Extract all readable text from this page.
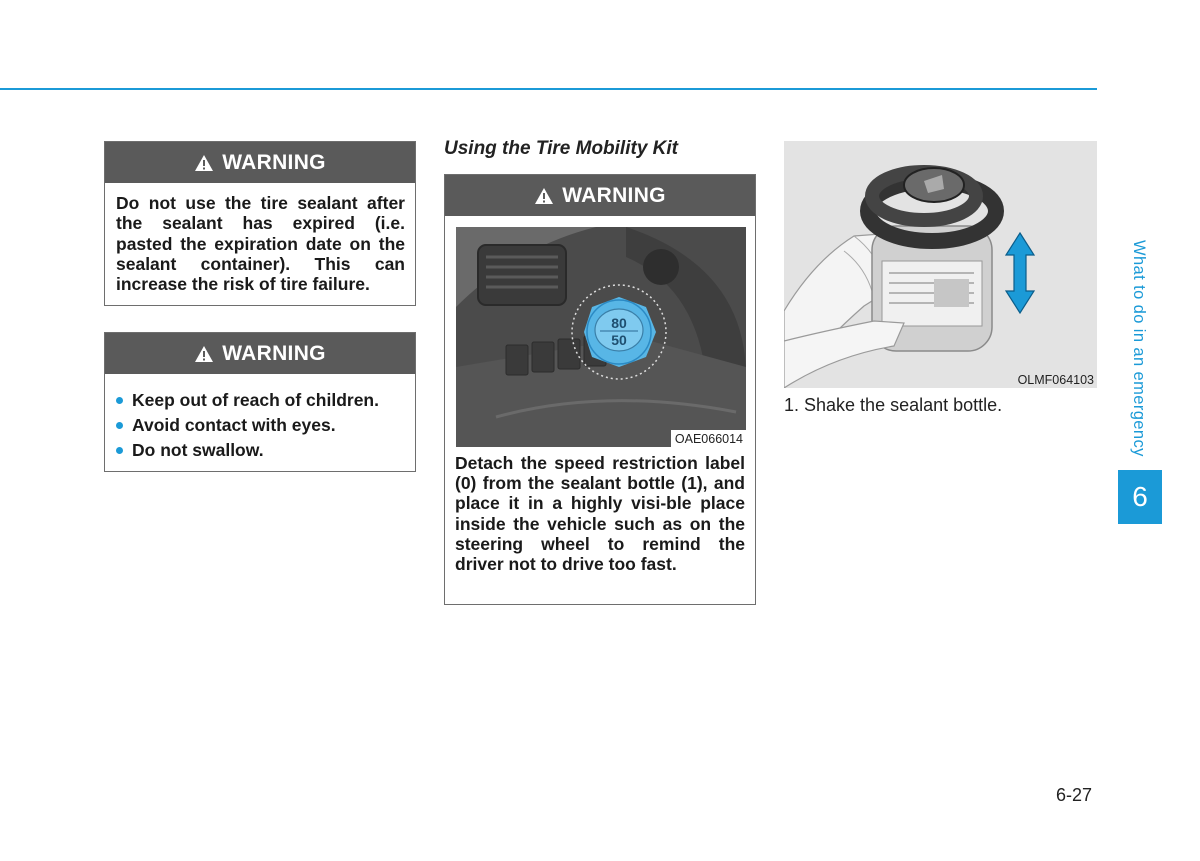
WARNING

Do not use the tire sealant after the sealant has expired (i.e. pasted the expiration date on the sealant container). This can increase the risk of tire failure.

WARNING
Keep out of reach of children.
Avoid contact with eyes.
Do not swallow.
Using the Tire Mobility Kit
WARNING
80
50
OAE066014

Detach the speed restriction label (0) from the sealant bottle (1), and place it in a highly visi-ble place inside the vehicle such as on the steering wheel to remind the driver not to drive too fast.

OLMF064103
1. Shake the sealant bottle.	What to do in an emergency
6
6-27
